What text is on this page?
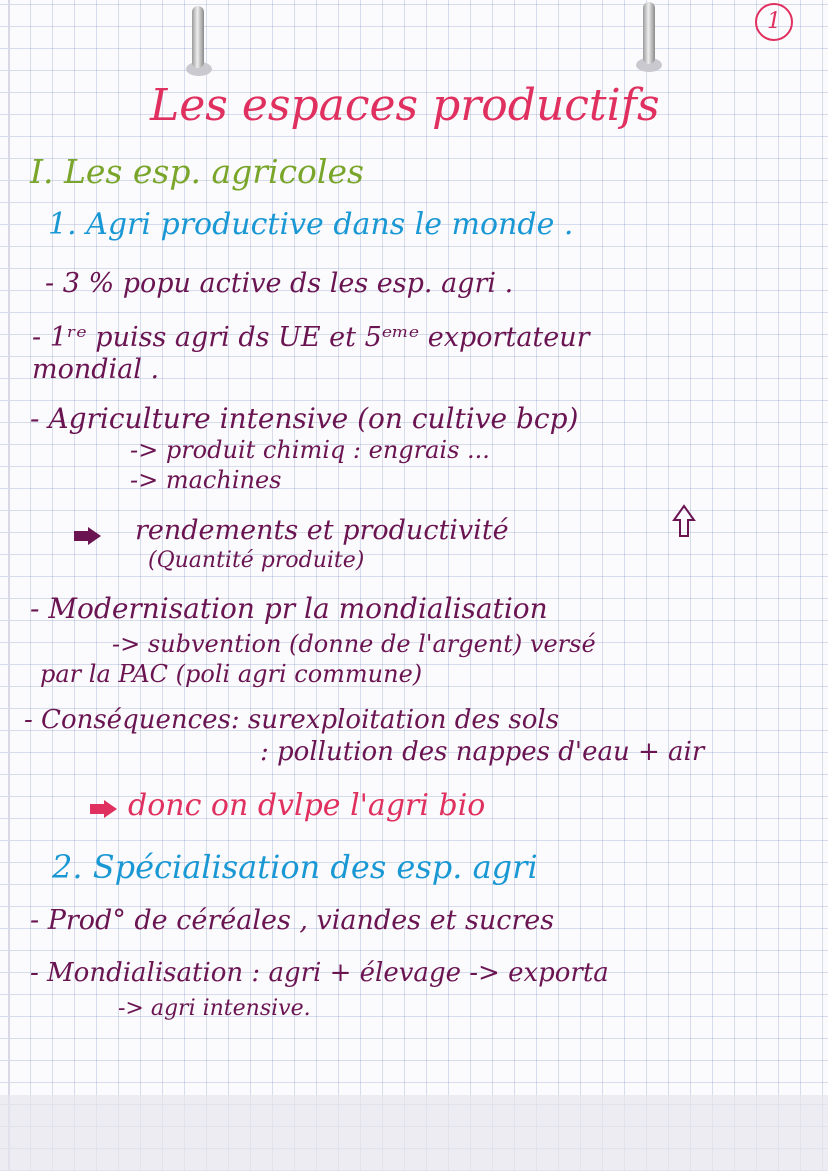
1
Les espaces productifs
I. Les esp. agricoles
1. Agri productive dans le monde .
- 3 % popu active ds les esp. agri .
- 1ʳᵉ puiss agri ds UE et 5ᵉᵐᵉ exportateur
mondial .
- Agriculture intensive (on cultive bcp)
-> produit chimiq : engrais ...
-> machines
rendements et productivité
(Quantité produite)
- Modernisation pr la mondialisation
-> subvention (donne de l'argent) versé
par la PAC (poli agri commune)
- Conséquences: surexploitation des sols
: pollution des nappes d'eau + air
donc on dvlpe l'agri bio
2. Spécialisation des esp. agri
- Prod° de céréales , viandes et sucres
- Mondialisation : agri + élevage -> exporta
-> agri intensive.
